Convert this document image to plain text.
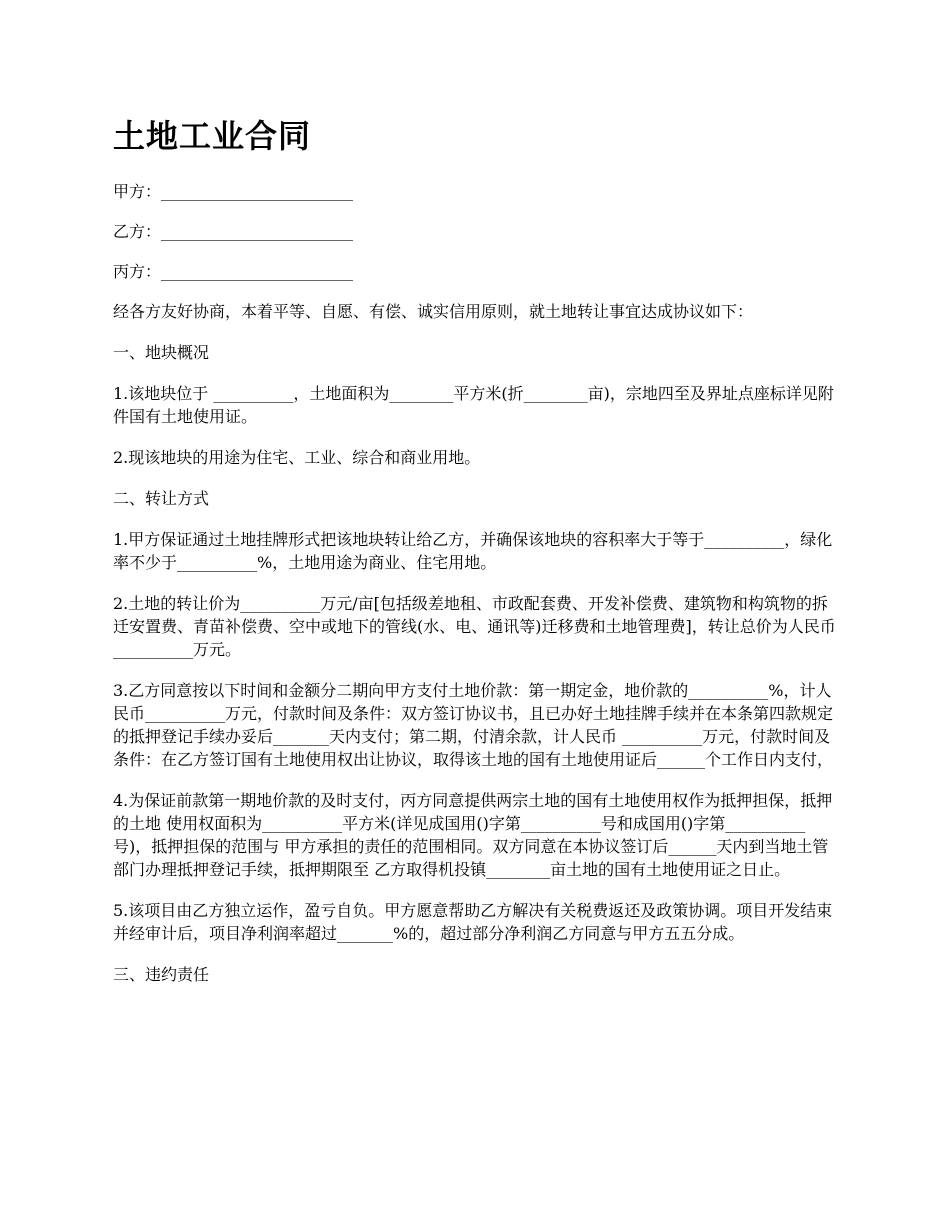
土地工业合同

甲方：________________________

乙方：________________________

丙方：________________________

经各方友好协商，本着平等、自愿、有偿、诚实信用原则，就土地转让事宜达成协议如下：

一、地块概况

1.该地块位于 __________，土地面积为________平方米(折________亩)，宗地四至及界址点座标详见附件国有土地使用证。

2.现该地块的用途为住宅、工业、综合和商业用地。

二、转让方式

1.甲方保证通过土地挂牌形式把该地块转让给乙方，并确保该地块的容积率大于等于__________，绿化率不少于__________%，土地用途为商业、住宅用地。

2.土地的转让价为__________万元/亩[包括级差地租、市政配套费、开发补偿费、建筑物和构筑物的拆迁安置费、青苗补偿费、空中或地下的管线(水、电、通讯等)迁移费和土地管理费]，转让总价为人民币__________万元。

3.乙方同意按以下时间和金额分二期向甲方支付土地价款：第一期定金，地价款的__________%，计人民币__________万元，付款时间及条件：双方签订协议书，且已办好土地挂牌手续并在本条第四款规定的抵押登记手续办妥后_______天内支付；第二期，付清余款，计人民币 __________万元，付款时间及条件：在乙方签订国有土地使用权出让协议，取得该土地的国有土地使用证后______个工作日内支付，

4.为保证前款第一期地价款的及时支付，丙方同意提供两宗土地的国有土地使用权作为抵押担保，抵押的土地 使用权面积为__________平方米(详见成国用()字第__________号和成国用()字第__________号)，抵押担保的范围与 甲方承担的责任的范围相同。双方同意在本协议签订后______天内到当地土管部门办理抵押登记手续，抵押期限至 乙方取得机投镇________亩土地的国有土地使用证之日止。

5.该项目由乙方独立运作，盈亏自负。甲方愿意帮助乙方解决有关税费返还及政策协调。项目开发结束并经审计后，项目净利润率超过_______%的，超过部分净利润乙方同意与甲方五五分成。

三、违约责任
